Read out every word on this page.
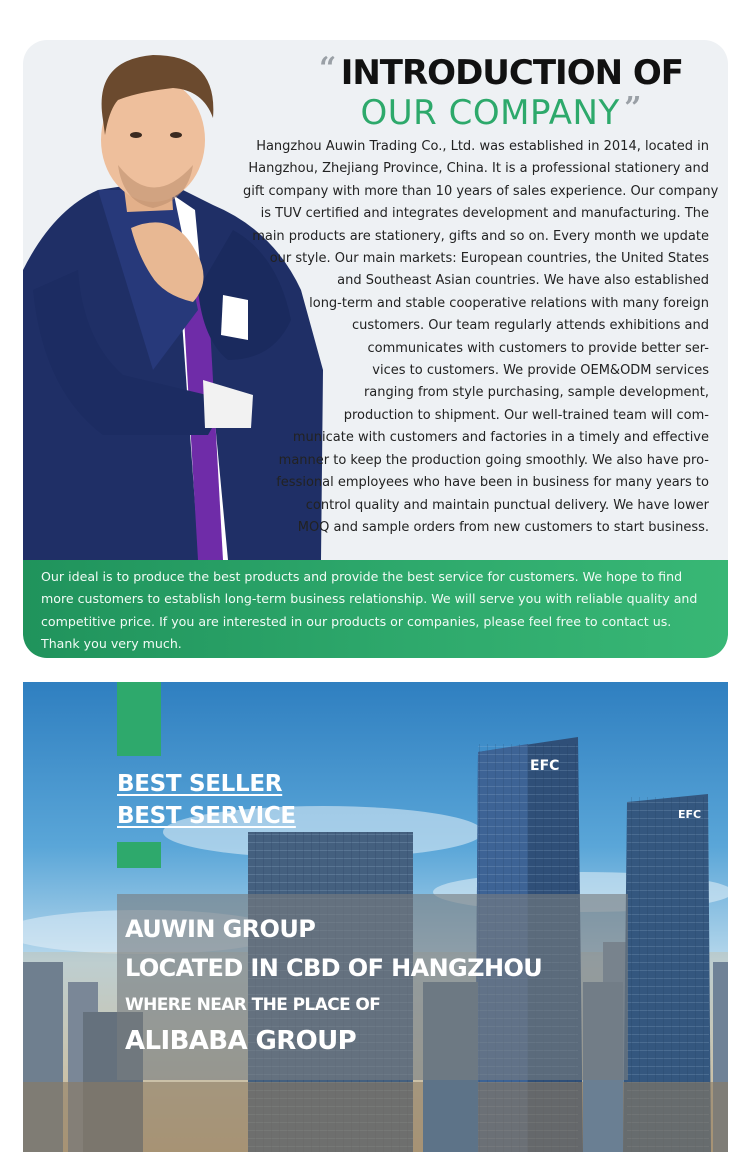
“ INTRODUCTION OF
OUR COMPANY ”
Hangzhou Auwin Trading Co., Ltd. was established in 2014, located in
Hangzhou, Zhejiang Province, China. It is a professional stationery and
gift company with more than 10 years of sales experience. Our company
is TUV certified and integrates development and manufacturing. The
main products are stationery, gifts and so on. Every month we update
our style. Our main markets: European countries, the United States
and Southeast Asian countries. We have also established
long-term and stable cooperative relations with many foreign
customers. Our team regularly attends exhibitions and
communicates with customers to provide better ser-
vices to customers. We provide OEM&ODM services
ranging from style purchasing, sample development,
production to shipment. Our well-trained team will com-
municate with customers and factories in a timely and effective
manner to keep the production going smoothly. We also have pro-
fessional employees who have been in business for many years to
control quality and maintain punctual delivery. We have lower
MOQ and sample orders from new customers to start business.
Our ideal is to produce the best products and provide the best service for customers. We hope to find
more customers to establish long-term business relationship. We will serve you with reliable quality and
competitive price. If you are interested in our products or companies, please feel free to contact us.
Thank you very much.
EFC
EFC
BEST SELLER
BEST SERVICE
AUWIN GROUP
LOCATED IN CBD OF HANGZHOU
WHERE NEAR THE PLACE OF
ALIBABA GROUP
